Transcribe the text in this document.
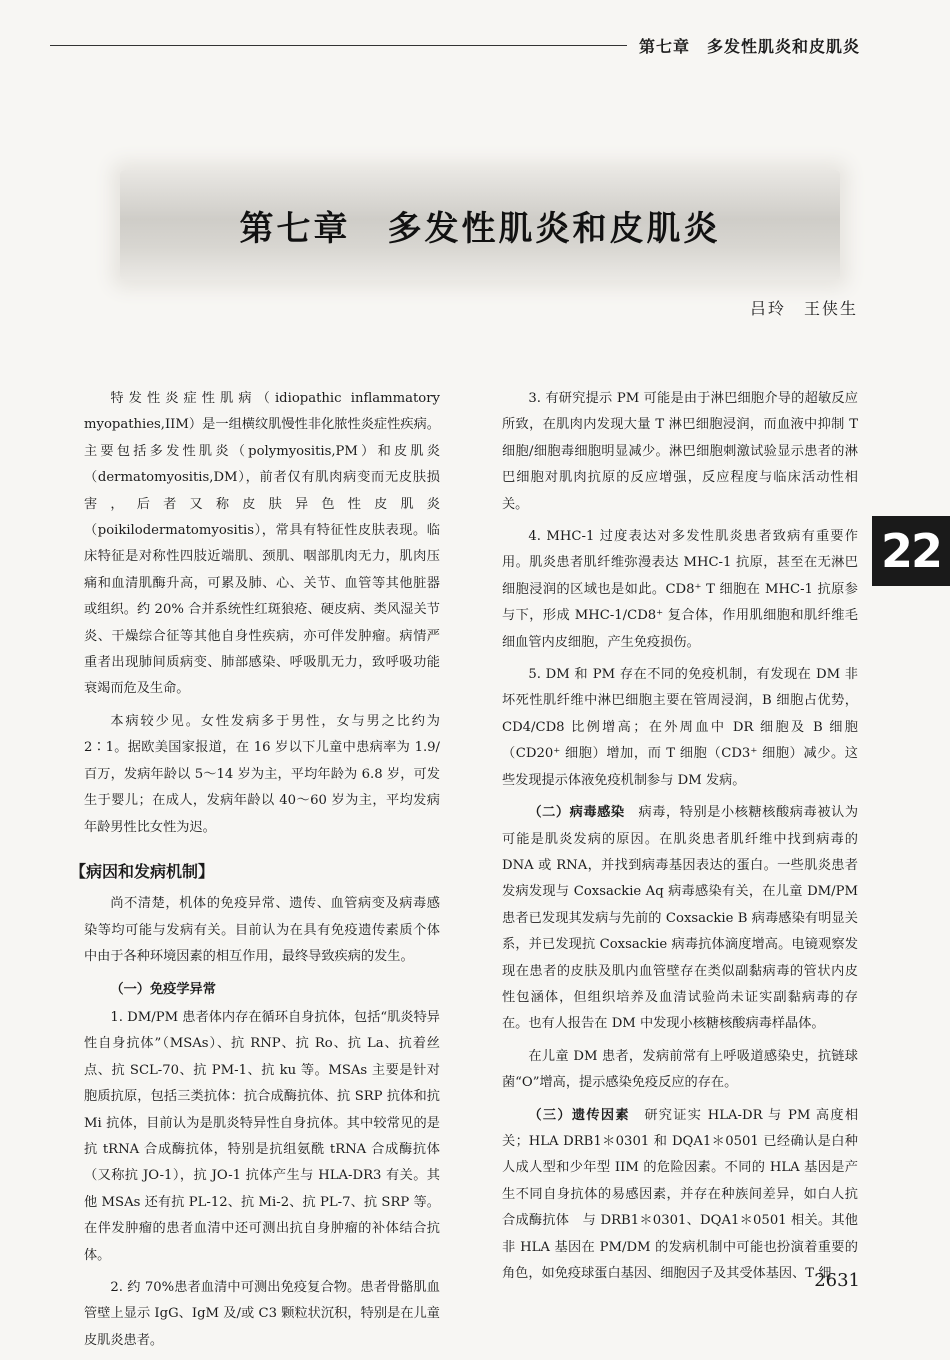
第七章　多发性肌炎和皮肌炎
第七章　多发性肌炎和皮肌炎
吕玲　王侠生

特发性炎症性肌病（idiopathic inflammatory myopathies,IIM）是一组横纹肌慢性非化脓性炎症性疾病。主要包括多发性肌炎（polymyositis,PM）和皮肌炎（dermatomyositis,DM），前者仅有肌肉病变而无皮肤损害，后者又称皮肤异色性皮肌炎（poikilodermatomyositis），常具有特征性皮肤表现。临床特征是对称性四肢近端肌、颈肌、咽部肌肉无力，肌肉压痛和血清肌酶升高，可累及肺、心、关节、血管等其他脏器或组织。约 20% 合并系统性红斑狼疮、硬皮病、类风湿关节炎、干燥综合征等其他自身性疾病，亦可伴发肿瘤。病情严重者出现肺间质病变、肺部感染、呼吸肌无力，致呼吸功能衰竭而危及生命。

本病较少见。女性发病多于男性，女与男之比约为 2∶1。据欧美国家报道，在 16 岁以下儿童中患病率为 1.9/百万，发病年龄以 5～14 岁为主，平均年龄为 6.8 岁，可发生于婴儿；在成人，发病年龄以 40～60 岁为主，平均发病年龄男性比女性为迟。

【病因和发病机制】

尚不清楚，机体的免疫异常、遗传、血管病变及病毒感染等均可能与发病有关。目前认为在具有免疫遗传素质个体中由于各种环境因素的相互作用，最终导致疾病的发生。

（一）免疫学异常

1. DM/PM 患者体内存在循环自身抗体，包括“肌炎特异性自身抗体”（MSAs）、抗 RNP、抗 Ro、抗 La、抗着丝点、抗 SCL-70、抗 PM-1、抗 ku 等。MSAs 主要是针对胞质抗原，包括三类抗体：抗合成酶抗体、抗 SRP 抗体和抗 Mi 抗体，目前认为是肌炎特异性自身抗体。其中较常见的是抗 tRNA 合成酶抗体，特别是抗组氨酰 tRNA 合成酶抗体（又称抗 JO-1），抗 JO-1 抗体产生与 HLA-DR3 有关。其他 MSAs 还有抗 PL-12、抗 Mi-2、抗 PL-7、抗 SRP 等。在伴发肿瘤的患者血清中还可测出抗自身肿瘤的补体结合抗体。

2. 约 70%患者血清中可测出免疫复合物。患者骨骼肌血管壁上显示 IgG、IgM 及/或 C3 颗粒状沉积，特别是在儿童皮肌炎患者。

3. 有研究提示 PM 可能是由于淋巴细胞介导的超敏反应所致，在肌肉内发现大量 T 淋巴细胞浸润，而血液中抑制 T 细胞/细胞毒细胞明显减少。淋巴细胞刺激试验显示患者的淋巴细胞对肌肉抗原的反应增强，反应程度与临床活动性相关。

4. MHC-1 过度表达对多发性肌炎患者致病有重要作用。肌炎患者肌纤维弥漫表达 MHC-1 抗原，甚至在无淋巴细胞浸润的区域也是如此。CD8⁺ T 细胞在 MHC-1 抗原参与下，形成 MHC-1/CD8⁺ 复合体，作用肌细胞和肌纤维毛细血管内皮细胞，产生免疫损伤。

5. DM 和 PM 存在不同的免疫机制，有发现在 DM 非坏死性肌纤维中淋巴细胞主要在管周浸润，B 细胞占优势，CD4/CD8 比例增高；在外周血中 DR 细胞及 B 细胞（CD20⁺ 细胞）增加，而 T 细胞（CD3⁺ 细胞）减少。这些发现提示体液免疫机制参与 DM 发病。

（二）病毒感染　 病毒，特别是小核糖核酸病毒被认为可能是肌炎发病的原因。在肌炎患者肌纤维中找到病毒的 DNA 或 RNA，并找到病毒基因表达的蛋白。一些肌炎患者发病发现与 Coxsackie Aq 病毒感染有关，在儿童 DM/PM 患者已发现其发病与先前的 Coxsackie B 病毒感染有明显关系，并已发现抗 Coxsackie 病毒抗体滴度增高。电镜观察发现在患者的皮肤及肌内血管壁存在类似副黏病毒的管状内皮性包涵体，但组织培养及血清试验尚未证实副黏病毒的存在。也有人报告在 DM 中发现小核糖核酸病毒样晶体。

在儿童 DM 患者，发病前常有上呼吸道感染史，抗链球菌“O”增高，提示感染免疫反应的存在。

（三）遗传因素　 研究证实 HLA-DR 与 PM 高度相关；HLA DRB1＊0301 和 DQA1＊0501 已经确认是白种人成人型和少年型 IIM 的危险因素。不同的 HLA 基因是产生不同自身抗体的易感因素，并存在种族间差异，如白人抗合成酶抗体　与 DRB1＊0301、DQA1＊0501 相关。其他非 HLA 基因在 PM/DM 的发病机制中可能也扮演着重要的角色，如免疫球蛋白基因、细胞因子及其受体基因、T 细

22
2631
